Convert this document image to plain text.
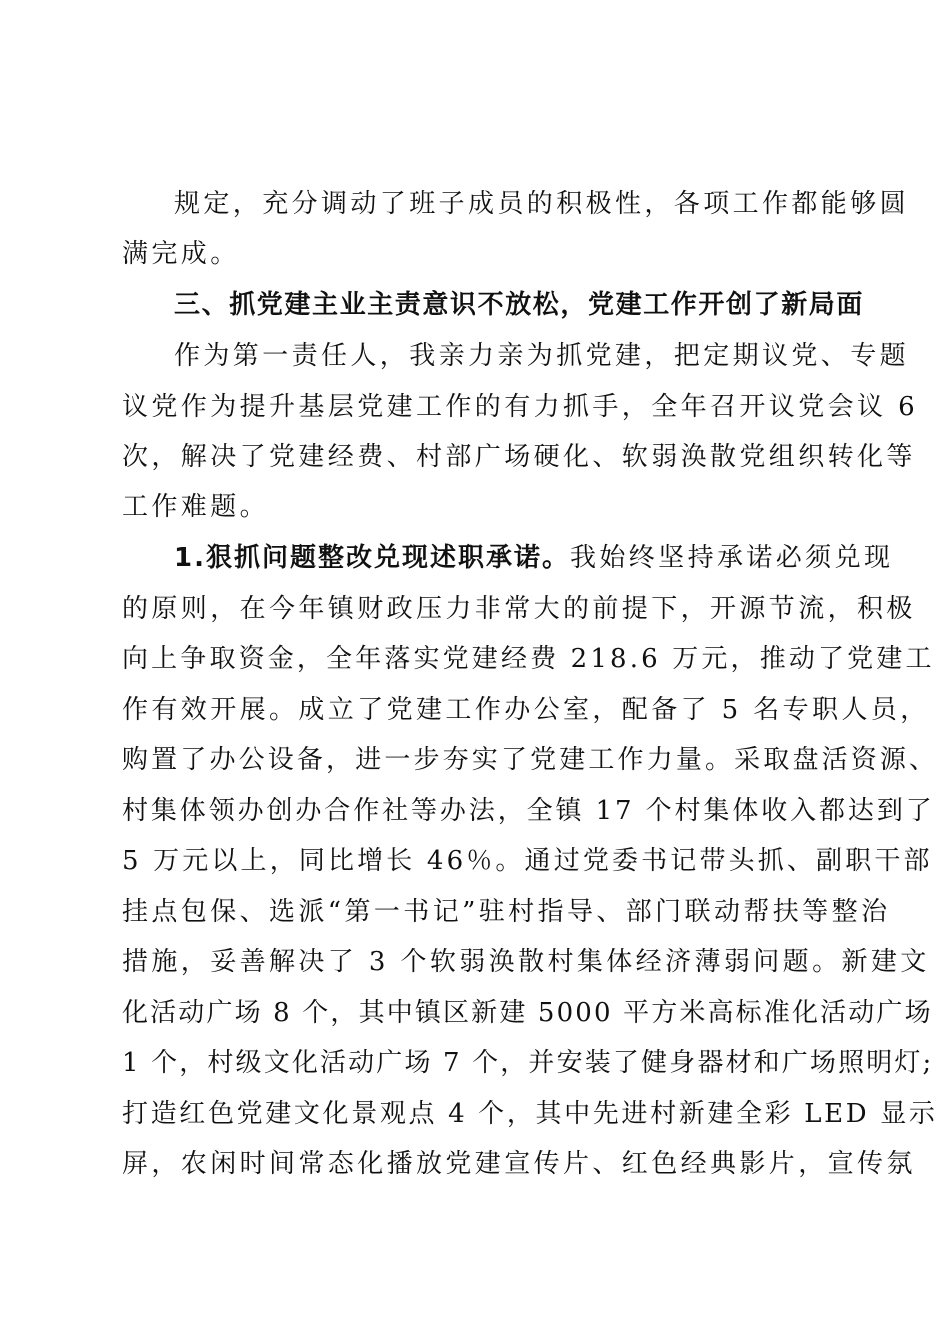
规定，充分调动了班子成员的积极性，各项工作都能够圆
满完成。
三、抓党建主业主责意识不放松，党建工作开创了新局面
作为第一责任人，我亲力亲为抓党建，把定期议党、专题
议党作为提升基层党建工作的有力抓手，全年召开议党会议 6
次，解决了党建经费、村部广场硬化、软弱涣散党组织转化等
工作难题。
1.狠抓问题整改兑现述职承诺。我始终坚持承诺必须兑现
的原则，在今年镇财政压力非常大的前提下，开源节流，积极
向上争取资金，全年落实党建经费 218.6 万元，推动了党建工
作有效开展。成立了党建工作办公室，配备了 5 名专职人员，
购置了办公设备，进一步夯实了党建工作力量。采取盘活资源、
村集体领办创办合作社等办法，全镇 17 个村集体收入都达到了
5 万元以上，同比增长 46％。通过党委书记带头抓、副职干部
挂点包保、选派“第一书记”驻村指导、部门联动帮扶等整治
措施，妥善解决了 3 个软弱涣散村集体经济薄弱问题。新建文
化活动广场 8 个，其中镇区新建 5000 平方米高标准化活动广场
1 个，村级文化活动广场 7 个，并安装了健身器材和广场照明灯;
打造红色党建文化景观点 4 个，其中先进村新建全彩 LED 显示
屏，农闲时间常态化播放党建宣传片、红色经典影片，宣传氛
